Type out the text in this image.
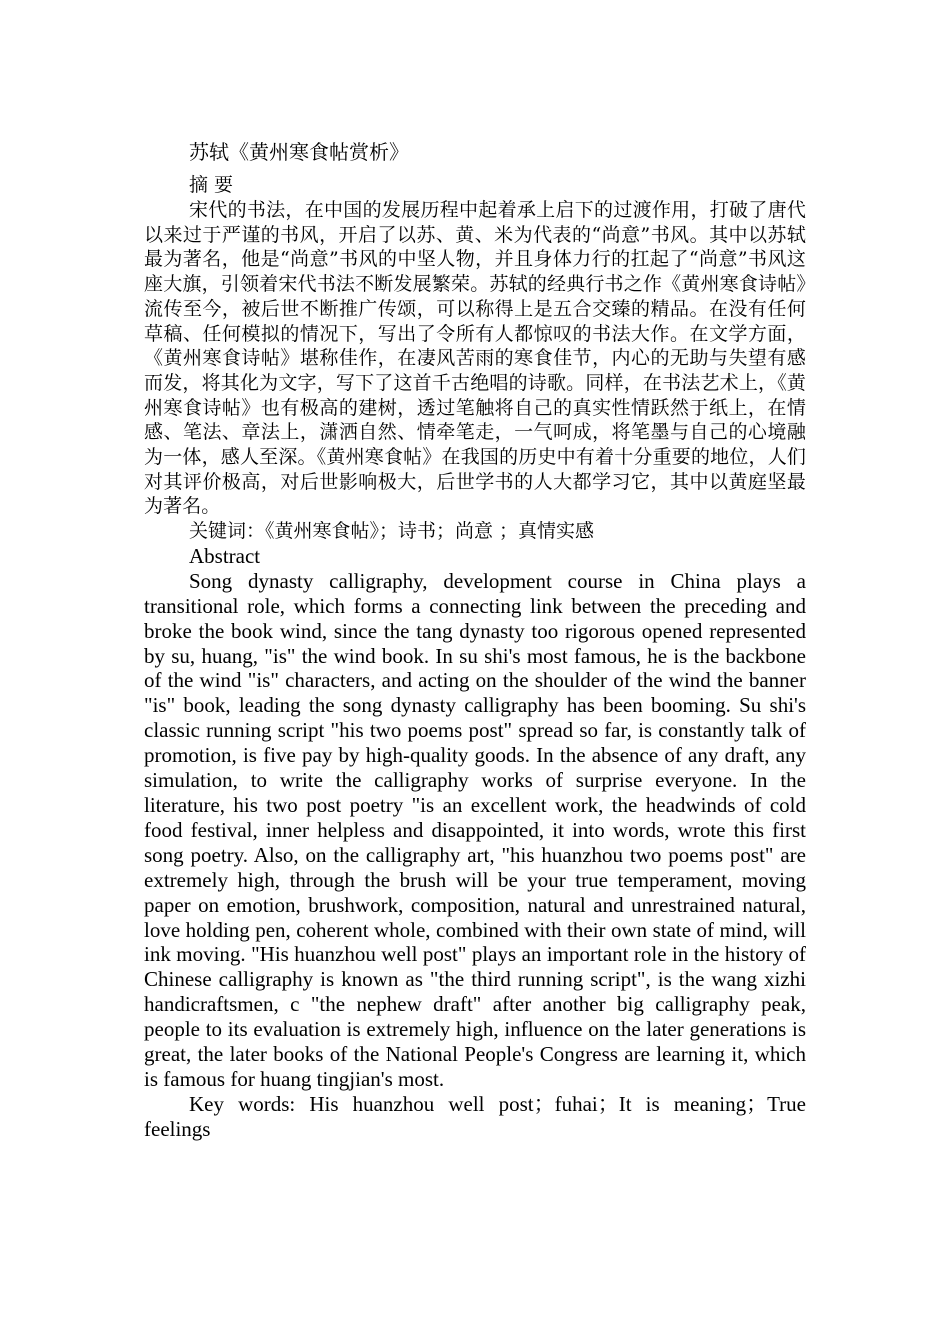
苏轼《黄州寒食帖赏析》
摘 要

宋代的书法，在中国的发展历程中起着承上启下的过渡作用，打破了唐代以来过于严谨的书风，开启了以苏、黄、米为代表的“尚意”书风。其中以苏轼最为著名，他是“尚意”书风的中坚人物，并且身体力行的扛起了“尚意”书风这座大旗，引领着宋代书法不断发展繁荣。苏轼的经典行书之作《黄州寒食诗帖》流传至今，被后世不断推广传颂，可以称得上是五合交臻的精品。在没有任何草稿、任何模拟的情况下，写出了令所有人都惊叹的书法大作。在文学方面，《黄州寒食诗帖》堪称佳作，在凄风苦雨的寒食佳节，内心的无助与失望有感而发，将其化为文字，写下了这首千古绝唱的诗歌。同样，在书法艺术上，《黄州寒食诗帖》也有极高的建树，透过笔触将自己的真实性情跃然于纸上，在情感、笔法、章法上，潇洒自然、情牵笔走，一气呵成，将笔墨与自己的心境融为一体，感人至深。《黄州寒食帖》在我国的历史中有着十分重要的地位，人们对其评价极高，对后世影响极大，后世学书的人大都学习它，其中以黄庭坚最为著名。

关键词：《黄州寒食帖》；诗书；尚意 ；真情实感
Abstract

Song dynasty calligraphy, development course in China plays a transitional role, which forms a connecting link between the preceding and broke the book wind, since the tang dynasty too rigorous opened represented by su, huang, "is" the wind book. In su shi's most famous, he is the backbone of the wind "is" characters, and acting on the shoulder of the wind the banner "is" book, leading the song dynasty calligraphy has been booming. Su shi's classic running script "his two poems post" spread so far, is constantly talk of promotion, is five pay by high-quality goods. In the absence of any draft, any simulation, to write the calligraphy works of surprise everyone. In the literature, his two post poetry "is an excellent work, the headwinds of cold food festival, inner helpless and disappointed, it into words, wrote this first song poetry. Also, on the calligraphy art, "his huanzhou two poems post" are extremely high, through the brush will be your true temperament, moving paper on emotion, brushwork, composition, natural and unrestrained natural, love holding pen, coherent whole, combined with their own state of mind, will ink moving. "His huanzhou well post" plays an important role in the history of Chinese calligraphy is known as "the third running script", is the wang xizhi handicraftsmen, c "the nephew draft" after another big calligraphy peak, people to its evaluation is extremely high, influence on the later generations is great, the later books of the National People's Congress are learning it, which is famous for huang tingjian's most.

Key words: His huanzhou well post；fuhai；It is meaning；True feelings
